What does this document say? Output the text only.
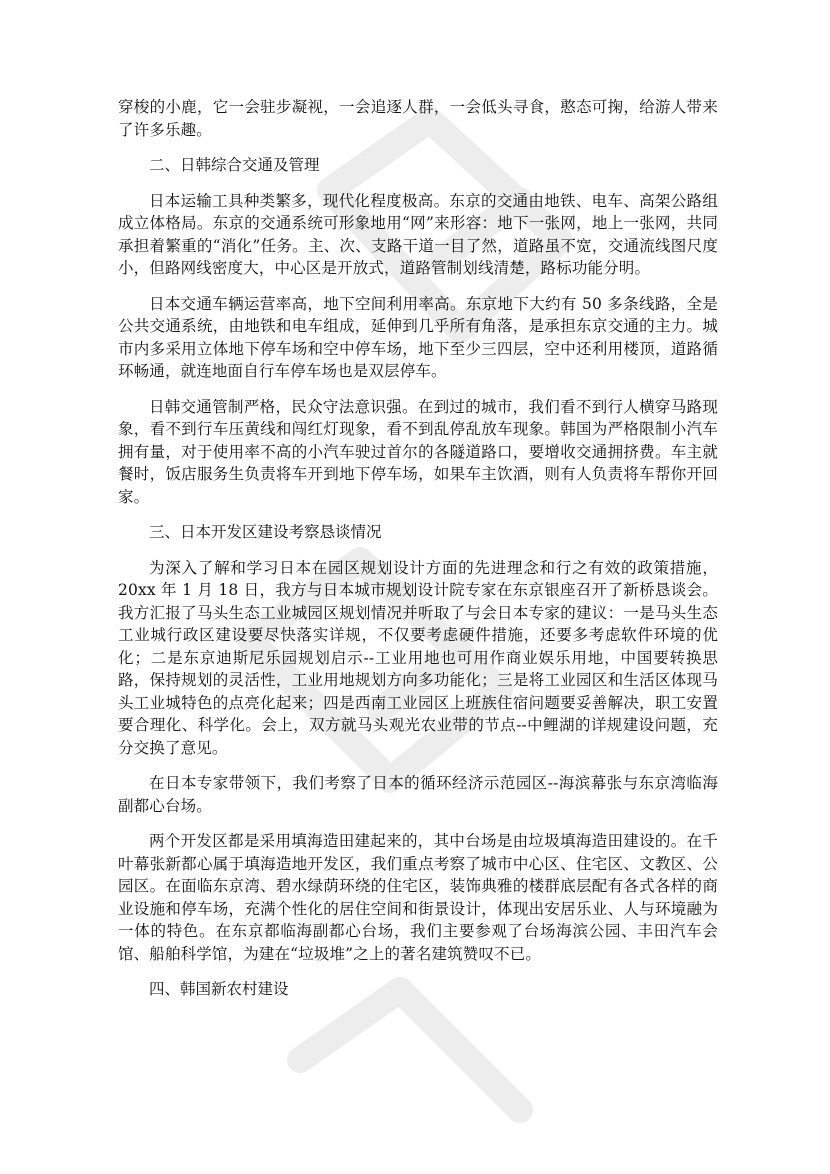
穿梭的小鹿，它一会驻步凝视，一会追逐人群，一会低头寻食，憨态可掬，给游人带来了许多乐趣。

二、日韩综合交通及管理

日本运输工具种类繁多，现代化程度极高。东京的交通由地铁、电车、高架公路组成立体格局。东京的交通系统可形象地用“网”来形容：地下一张网，地上一张网，共同承担着繁重的“消化”任务。主、次、支路干道一目了然，道路虽不宽，交通流线图尺度小，但路网线密度大，中心区是开放式，道路管制划线清楚，路标功能分明。

日本交通车辆运营率高，地下空间利用率高。东京地下大约有 50 多条线路，全是公共交通系统，由地铁和电车组成，延伸到几乎所有角落，是承担东京交通的主力。城市内多采用立体地下停车场和空中停车场，地下至少三四层，空中还利用楼顶，道路循环畅通，就连地面自行车停车场也是双层停车。

日韩交通管制严格，民众守法意识强。在到过的城市，我们看不到行人横穿马路现象，看不到行车压黄线和闯红灯现象，看不到乱停乱放车现象。韩国为严格限制小汽车拥有量，对于使用率不高的小汽车驶过首尔的各隧道路口，要增收交通拥挤费。车主就餐时，饭店服务生负责将车开到地下停车场，如果车主饮酒，则有人负责将车帮你开回家。

三、日本开发区建设考察恳谈情况

为深入了解和学习日本在园区规划设计方面的先进理念和行之有效的政策措施，20xx 年 1 月 18 日，我方与日本城市规划设计院专家在东京银座召开了新桥恳谈会。我方汇报了马头生态工业城园区规划情况并听取了与会日本专家的建议：一是马头生态工业城行政区建设要尽快落实详规，不仅要考虑硬件措施，还要多考虑软件环境的优化；二是东京迪斯尼乐园规划启示--工业用地也可用作商业娱乐用地，中国要转换思路，保持规划的灵活性，工业用地规划方向多功能化；三是将工业园区和生活区体现马头工业城特色的点亮化起来；四是西南工业园区上班族住宿问题要妥善解决，职工安置要合理化、科学化。会上，双方就马头观光农业带的节点--中鲤湖的详规建设问题，充分交换了意见。

在日本专家带领下，我们考察了日本的循环经济示范园区--海滨幕张与东京湾临海副都心台场。

两个开发区都是采用填海造田建起来的，其中台场是由垃圾填海造田建设的。在千叶幕张新都心属于填海造地开发区，我们重点考察了城市中心区、住宅区、文教区、公园区。在面临东京湾、碧水绿荫环绕的住宅区，装饰典雅的楼群底层配有各式各样的商业设施和停车场，充满个性化的居住空间和街景设计，体现出安居乐业、人与环境融为一体的特色。在东京都临海副都心台场，我们主要参观了台场海滨公园、丰田汽车会馆、船舶科学馆，为建在“垃圾堆”之上的著名建筑赞叹不已。

四、韩国新农村建设
